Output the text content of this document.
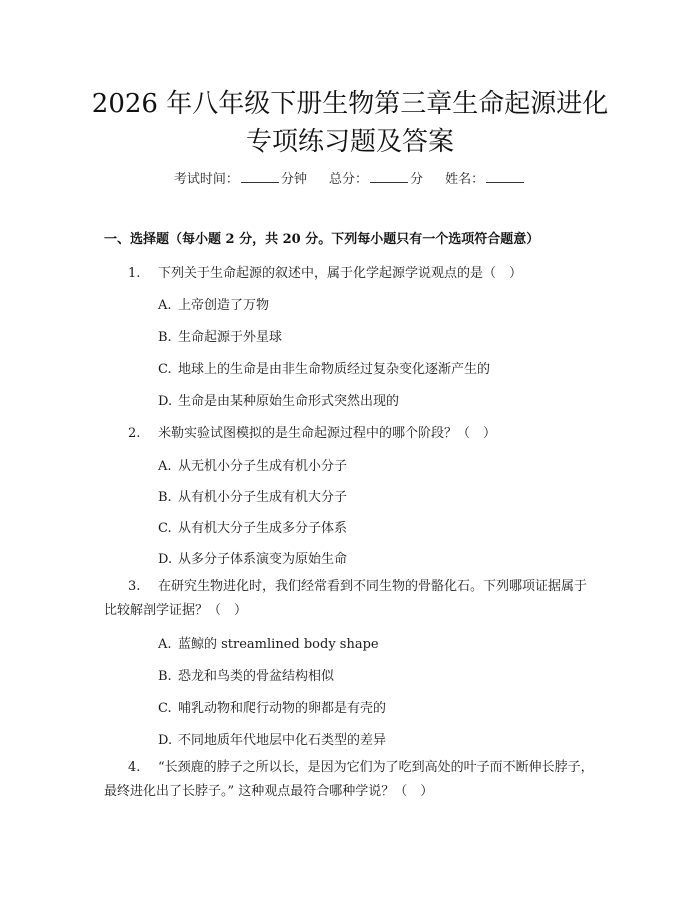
2026 年八年级下册生物第三章生命起源进化
专项练习题及答案
考试时间：	分钟 总分：	分 姓名：
一、选择题（每小题 2 分，共 20 分。下列每小题只有一个选项符合题意）
1. 下列关于生命起源的叙述中，属于化学起源学说观点的是（　）
A. 上帝创造了万物
B. 生命起源于外星球
C. 地球上的生命是由非生命物质经过复杂变化逐渐产生的
D. 生命是由某种原始生命形式突然出现的
2. 米勒实验试图模拟的是生命起源过程中的哪个阶段？（　）
A. 从无机小分子生成有机小分子
B. 从有机小分子生成有机大分子
C. 从有机大分子生成多分子体系
D. 从多分子体系演变为原始生命
3. 在研究生物进化时，我们经常看到不同生物的骨骼化石。下列哪项证据属于比较解剖学证据？（　）
A. 蓝鲸的 streamlined body shape
B. 恐龙和鸟类的骨盆结构相似
C. 哺乳动物和爬行动物的卵都是有壳的
D. 不同地质年代地层中化石类型的差异
4. “长颈鹿的脖子之所以长，是因为它们为了吃到高处的叶子而不断伸长脖子，最终进化出了长脖子。” 这种观点最符合哪种学说？（　）
